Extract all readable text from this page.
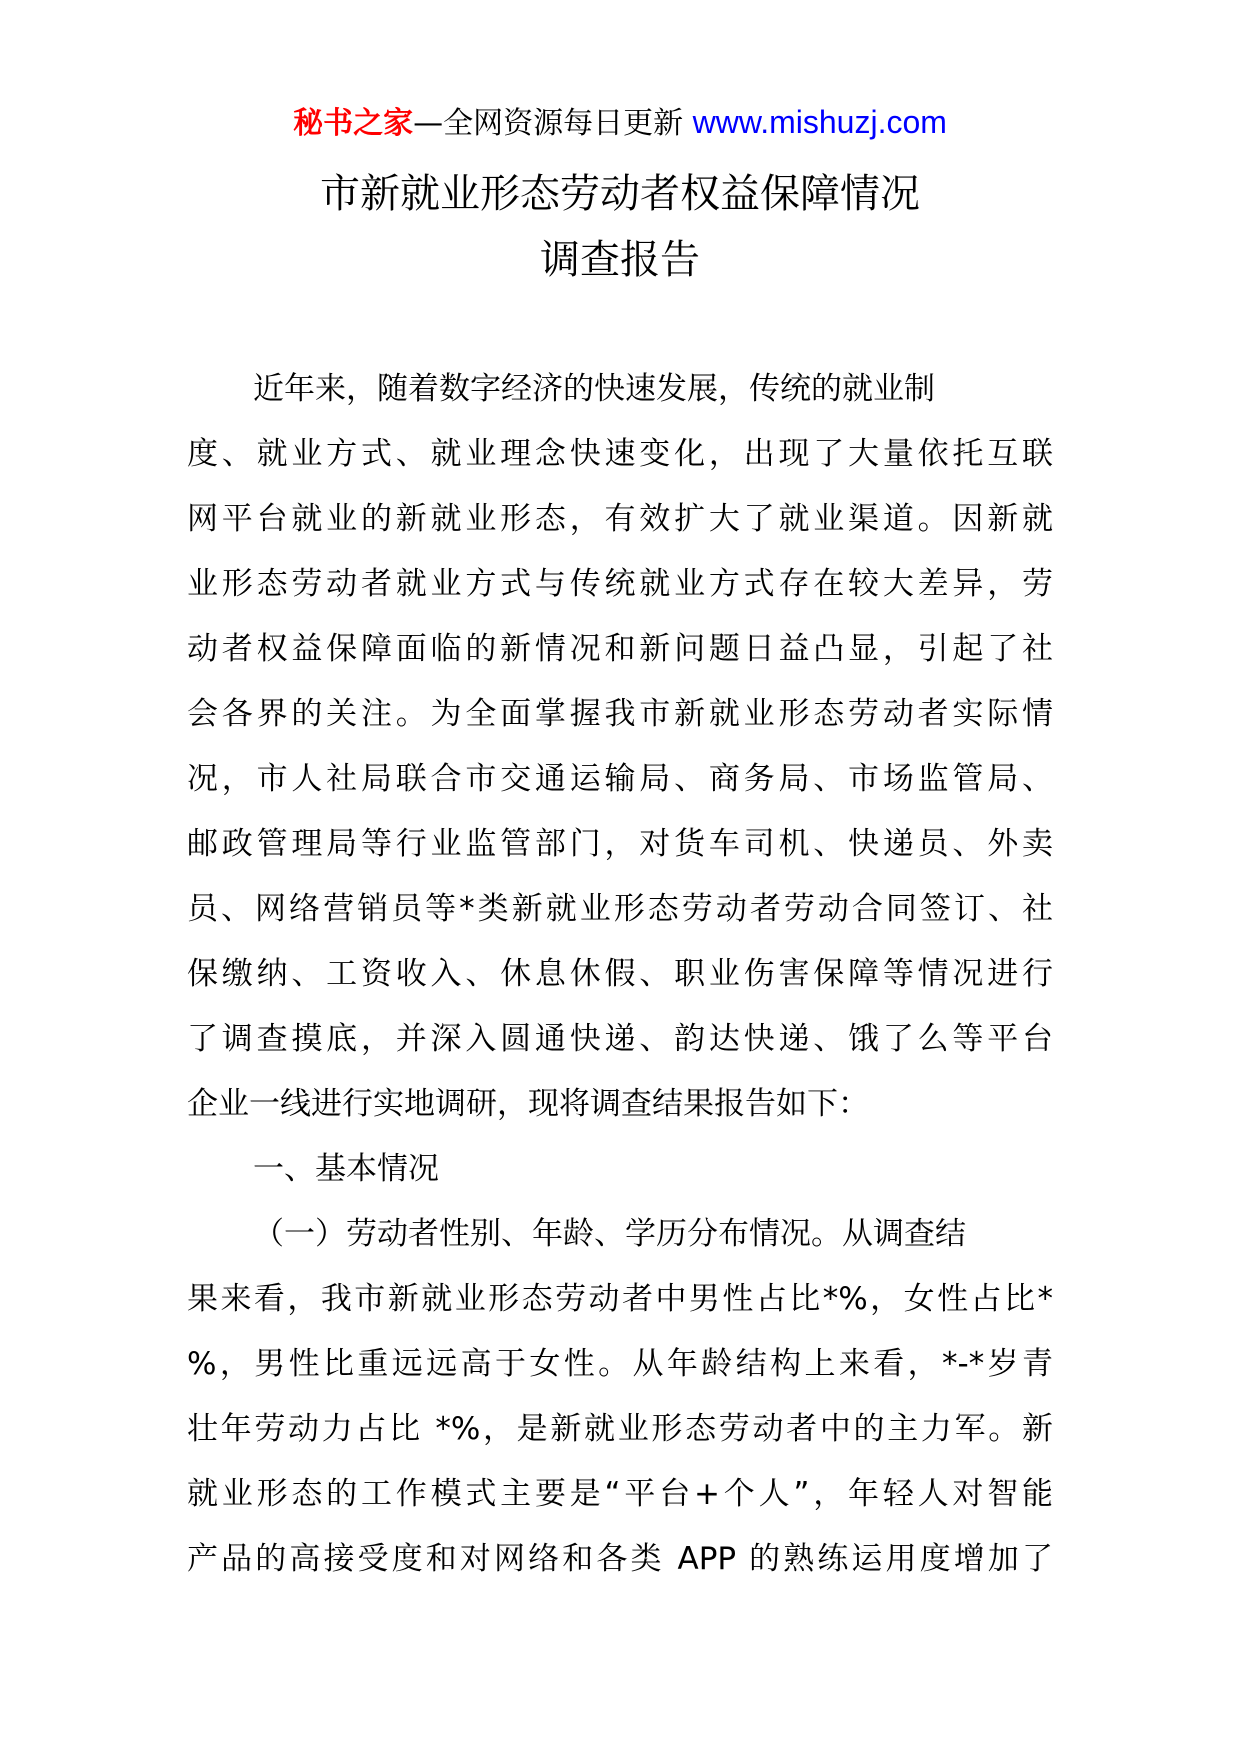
秘书之家—全网资源每日更新 www.mishuzj.com
市新就业形态劳动者权益保障情况
调查报告
近年来，随着数字经济的快速发展，传统的就业制
度、就业方式、就业理念快速变化，出现了大量依托互联
网平台就业的新就业形态，有效扩大了就业渠道。因新就
业形态劳动者就业方式与传统就业方式存在较大差异，劳
动者权益保障面临的新情况和新问题日益凸显，引起了社
会各界的关注。为全面掌握我市新就业形态劳动者实际情
况，市人社局联合市交通运输局、商务局、市场监管局、
邮政管理局等行业监管部门，对货车司机、快递员、外卖
员、网络营销员等*类新就业形态劳动者劳动合同签订、社
保缴纳、工资收入、休息休假、职业伤害保障等情况进行
了调查摸底，并深入圆通快递、韵达快递、饿了么等平台
企业一线进行实地调研，现将调查结果报告如下：
一、基本情况
（一）劳动者性别、年龄、学历分布情况。从调查结
果来看，我市新就业形态劳动者中男性占比*%，女性占比*
%，男性比重远远高于女性。从年龄结构上来看，*-*岁青
壮年劳动力占比 *%，是新就业形态劳动者中的主力军。新
就业形态的工作模式主要是“平台+个人”，年轻人对智能
产品的高接受度和对网络和各类 APP 的熟练运用度增加了
